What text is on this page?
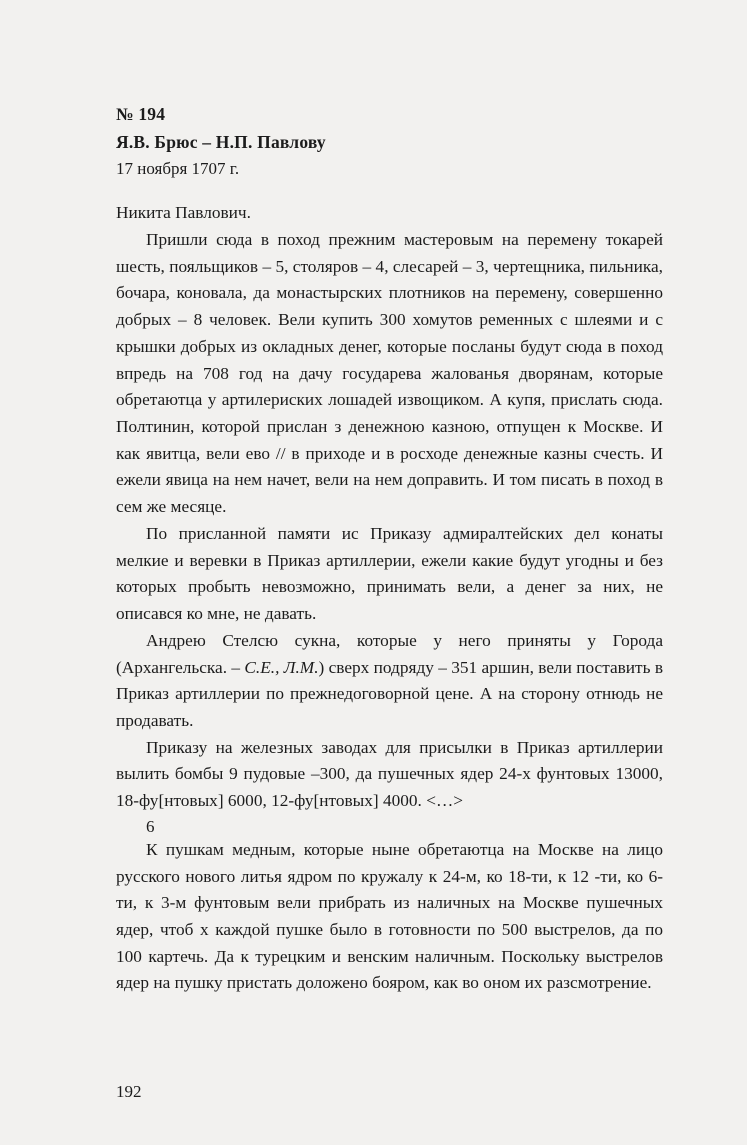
№ 194
Я.В. Брюс – Н.П. Павлову
17 ноября 1707 г.
Никита Павлович.

Пришли сюда в поход прежним мастеровым на перемену токарей шесть, пояльщиков – 5, столяров – 4, слесарей – 3, чертещника, пильника, бочара, коновала, да монастырских плотников на перемену, совершенно добрых – 8 человек. Вели купить 300 хомутов ременных с шлеями и с крышки добрых из окладных денег, которые посланы будут сюда в поход впредь на 708 год на дачу государева жалованья дворянам, которые обретаютца у артилериских лошадей извощиком. А купя, прислать сюда. Полтинин, которой прислан з денежною казною, отпущен к Москве. И как явитца, вели ево // в приходе и в росходе денежные казны счесть. И ежели явица на нем начет, вели на нем доправить. И том писать в поход в сем же месяце.

По присланной памяти ис Приказу адмиралтейских дел конаты мелкие и веревки в Приказ артиллерии, ежели какие будут угодны и без которых пробыть невозможно, принимать вели, а денег за них, не описався ко мне, не давать.

Андрею Стелсю сукна, которые у него приняты у Города (Архангельска. – С.Е., Л.М.) сверх подряду – 351 аршин, вели поставить в Приказ артиллерии по прежнедоговорной цене. А на сторону отнюдь не продавать.

Приказу на железных заводах для присылки в Приказ артиллерии вылить бомбы 9 пудовые –300, да пушечных ядер 24-х фунтовых 13000, 18-фу[нтовых] 6000, 12-фу[нтовых] 4000. <…>

6

К пушкам медным, которые ныне обретаютца на Москве на лицо русского нового литья ядром по кружалу к 24-м, ко 18-ти, к 12 -ти, ко 6-ти, к 3-м фунтовым вели прибрать из наличных на Москве пушечных ядер, чтоб х каждой пушке было в готовности по 500 выстрелов, да по 100 картечь. Да к турецким и венским наличным. Поскольку выстрелов ядер на пушку пристать доложено бояром, как во оном их разсмотрение.

192
